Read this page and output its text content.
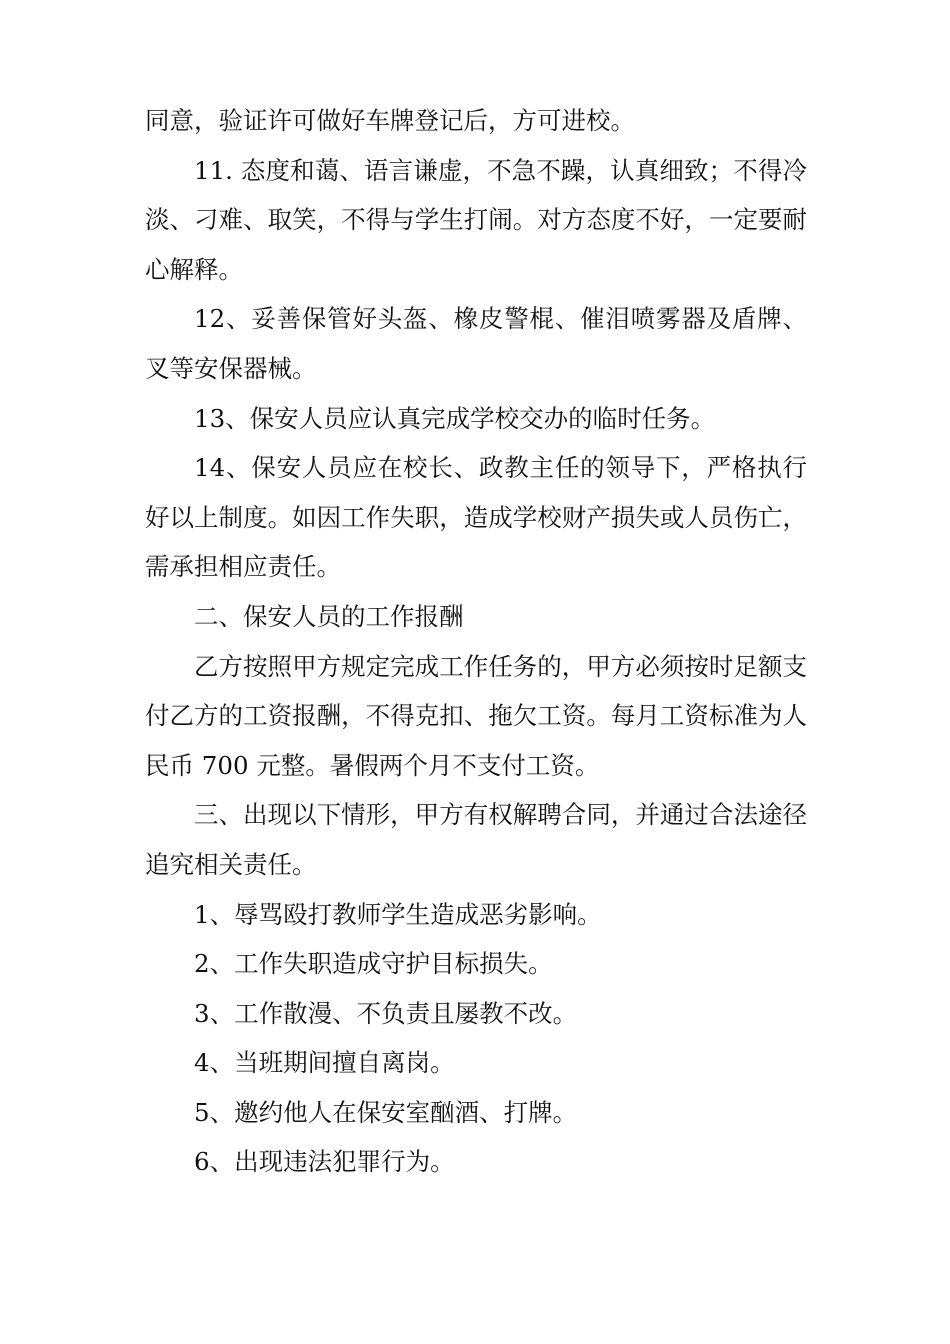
同意，验证许可做好车牌登记后，方可进校。

11. 态度和蔼、语言谦虚，不急不躁，认真细致；不得冷淡、刁难、取笑，不得与学生打闹。对方态度不好，一定要耐心解释。

12、妥善保管好头盔、橡皮警棍、催泪喷雾器及盾牌、叉等安保器械。

13、保安人员应认真完成学校交办的临时任务。

14、保安人员应在校长、政教主任的领导下，严格执行好以上制度。如因工作失职，造成学校财产损失或人员伤亡，需承担相应责任。

二、保安人员的工作报酬

乙方按照甲方规定完成工作任务的，甲方必须按时足额支付乙方的工资报酬，不得克扣、拖欠工资。每月工资标准为人民币 700 元整。暑假两个月不支付工资。

三、出现以下情形，甲方有权解聘合同，并通过合法途径追究相关责任。

1、辱骂殴打教师学生造成恶劣影响。

2、工作失职造成守护目标损失。

3、工作散漫、不负责且屡教不改。

4、当班期间擅自离岗。

5、邀约他人在保安室酗酒、打牌。

6、出现违法犯罪行为。
